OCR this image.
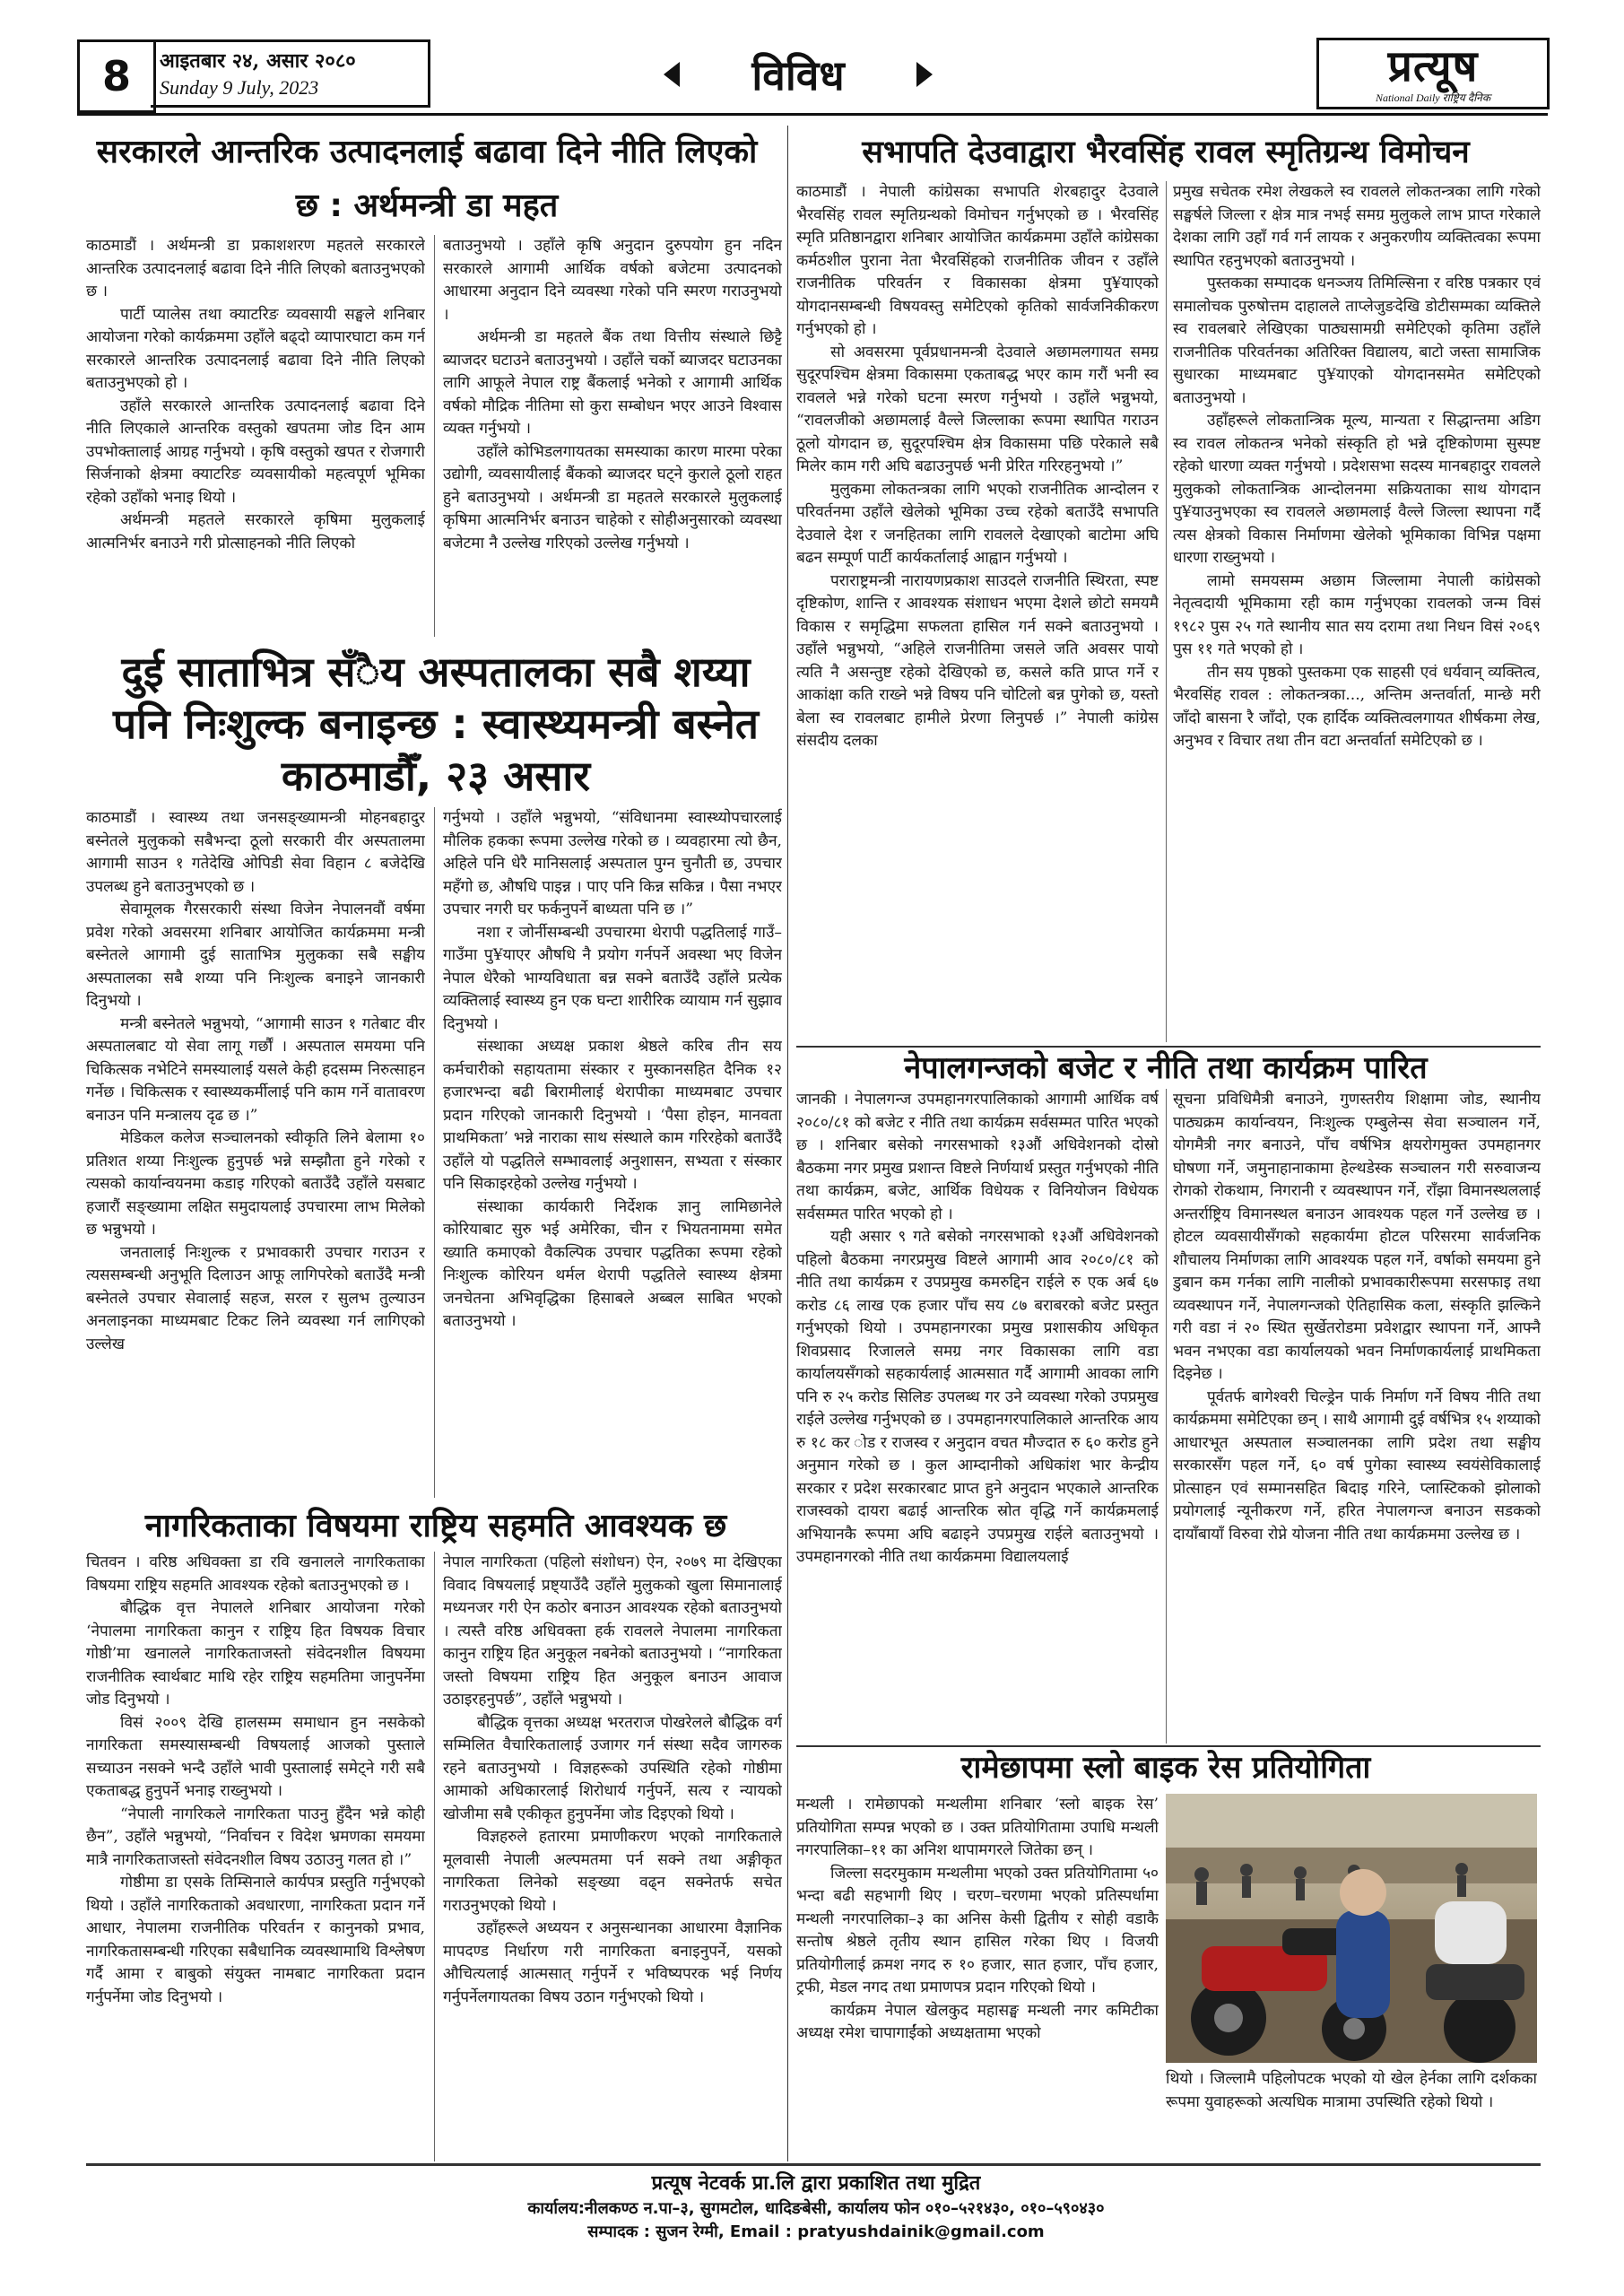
8	आइतबार २४, असार २०८०
Sunday 9 July, 2023	विविध	प्रत्यूष
National Daily राष्ट्रिय दैनिक
सरकारले आन्तरिक उत्पादनलाई बढावा दिने नीति लिएको छ : अर्थमन्त्री डा महत

काठमाडौं । अर्थमन्त्री डा प्रकाशशरण महतले सरकारले आन्तरिक उत्पादनलाई बढावा दिने नीति लिएको बताउनुभएको छ ।

पार्टी प्यालेस तथा क्याटरिङ व्यवसायी सङ्घले शनिबार आयोजना गरेको कार्यक्रममा उहाँले बढ्दो व्यापारघाटा कम गर्न सरकारले आन्तरिक उत्पादनलाई बढावा दिने नीति लिएको बताउनुभएको हो ।

उहाँले सरकारले आन्तरिक उत्पादनलाई बढावा दिने नीति लिएकाले आन्तरिक वस्तुको खपतमा जोड दिन आम उपभोक्तालाई आग्रह गर्नुभयो । कृषि वस्तुको खपत र रोजगारी सिर्जनाको क्षेत्रमा क्याटरिङ व्यवसायीको महत्वपूर्ण भूमिका रहेको उहाँको भनाइ थियो ।

अर्थमन्त्री महतले सरकारले कृषिमा मुलुकलाई आत्मनिर्भर बनाउने गरी प्रोत्साहनको नीति लिएको

बताउनुभयो । उहाँले कृषि अनुदान दुरुपयोग हुन नदिन सरकारले आगामी आर्थिक वर्षको बजेटमा उत्पादनको आधारमा अनुदान दिने व्यवस्था गरेको पनि स्मरण गराउनुभयो ।

अर्थमन्त्री डा महतले बैंक तथा वित्तीय संस्थाले छिट्टै ब्याजदर घटाउने बताउनुभयो । उहाँले चर्को ब्याजदर घटाउनका लागि आफूले नेपाल राष्ट्र बैंकलाई भनेको र आगामी आर्थिक वर्षको मौद्रिक नीतिमा सो कुरा सम्बोधन भएर आउने विश्वास व्यक्त गर्नुभयो ।

उहाँले कोभिडलगायतका समस्याका कारण मारमा परेका उद्योगी, व्यवसायीलाई बैंकको ब्याजदर घट्ने कुराले ठूलो राहत हुने बताउनुभयो । अर्थमन्त्री डा महतले सरकारले मुलुकलाई कृषिमा आत्मनिर्भर बनाउन चाहेको र सोहीअनुसारको व्यवस्था बजेटमा नै उल्लेख गरिएको उल्लेख गर्नुभयो ।

दुई साताभित्र सँैय अस्पतालका सबै शय्या पनि निःशुल्क बनाइन्छ : स्वास्थ्यमन्त्री बस्नेत काठमाडौँ, २३ असार

काठमाडौं । स्वास्थ्य तथा जनसङ्ख्यामन्त्री मोहनबहादुर बस्नेतले मुलुकको सबैभन्दा ठूलो सरकारी वीर अस्पतालमा आगामी साउन १ गतेदेखि ओपिडी सेवा विहान ८ बजेदेखि उपलब्ध हुने बताउनुभएको छ ।

सेवामूलक गैरसरकारी संस्था विजेन नेपालनवौं वर्षमा प्रवेश गरेको अवसरमा शनिबार आयोजित कार्यक्रममा मन्त्री बस्नेतले आगामी दुई साताभित्र मुलुकका सबै सङ्घीय अस्पतालका सबै शय्या पनि निःशुल्क बनाइने जानकारी दिनुभयो ।

मन्त्री बस्नेतले भन्नुभयो, “आगामी साउन १ गतेबाट वीर अस्पतालबाट यो सेवा लागू गर्छौं । अस्पताल समयमा पनि चिकित्सक नभेटिने समस्यालाई यसले केही हदसम्म निरुत्साहन गर्नेछ । चिकित्सक र स्वास्थ्यकर्मीलाई पनि काम गर्ने वातावरण बनाउन पनि मन्त्रालय दृढ छ ।”

मेडिकल कलेज सञ्चालनको स्वीकृति लिने बेलामा १० प्रतिशत शय्या निःशुल्क हुनुपर्छ भन्ने सम्झौता हुने गरेको र त्यसको कार्यान्वयनमा कडाइ गरिएको बताउँदै उहाँले यसबाट हजारौं सङ्ख्यामा लक्षित समुदायलाई उपचारमा लाभ मिलेको छ भन्नुभयो ।

जनतालाई निःशुल्क र प्रभावकारी उपचार गराउन र त्यससम्बन्धी अनुभूति दिलाउन आफू लागिपरेको बताउँदै मन्त्री बस्नेतले उपचार सेवालाई सहज, सरल र सुलभ तुल्याउन अनलाइनका माध्यमबाट टिकट लिने व्यवस्था गर्न लागिएको उल्लेख

गर्नुभयो । उहाँले भन्नुभयो, “संविधानमा स्वास्थ्योपचारलाई मौलिक हकका रूपमा उल्लेख गरेको छ । व्यवहारमा त्यो छैन, अहिले पनि धेरै मानिसलाई अस्पताल पुग्न चुनौती छ, उपचार महँगो छ, औषधि पाइन्न । पाए पनि किन्न सकिन्न । पैसा नभएर उपचार नगरी घर फर्कनुपर्ने बाध्यता पनि छ ।”

नशा र जोर्नीसम्बन्धी उपचारमा थेरापी पद्धतिलाई गाउँ–गाउँमा पु¥याएर औषधि नै प्रयोग गर्नपर्ने अवस्था भए विजेन नेपाल धेरैको भाग्यविधाता बन्न सक्ने बताउँदै उहाँले प्रत्येक व्यक्तिलाई स्वास्थ्य हुन एक घन्टा शारीरिक व्यायाम गर्न सुझाव दिनुभयो ।

संस्थाका अध्यक्ष प्रकाश श्रेष्ठले करिब तीन सय कर्मचारीको सहायतामा संस्कार र मुस्कानसहित दैनिक १२ हजारभन्दा बढी बिरामीलाई थेरापीका माध्यमबाट उपचार प्रदान गरिएको जानकारी दिनुभयो । ‘पैसा होइन, मानवता प्राथमिकता’ भन्ने नाराका साथ संस्थाले काम गरिरहेको बताउँदै उहाँले यो पद्धतिले सम्भावलाई अनुशासन, सभ्यता र संस्कार पनि सिकाइरहेको उल्लेख गर्नुभयो ।

संस्थाका कार्यकारी निर्देशक ज्ञानु लामिछानेले कोरियाबाट सुरु भई अमेरिका, चीन र भियतनाममा समेत ख्याति कमाएको वैकल्पिक उपचार पद्धतिका रूपमा रहेको निःशुल्क कोरियन थर्मल थेरापी पद्धतिले स्वास्थ्य क्षेत्रमा जनचेतना अभिवृद्धिका हिसाबले अब्बल साबित भएको बताउनुभयो ।

नागरिकताका विषयमा राष्ट्रिय सहमति आवश्यक छ

चितवन । वरिष्ठ अधिवक्ता डा रवि खनालले नागरिकताका विषयमा राष्ट्रिय सहमति आवश्यक रहेको बताउनुभएको छ ।

बौद्धिक वृत्त नेपालले शनिबार आयोजना गरेको ‘नेपालमा नागरिकता कानुन र राष्ट्रिय हित विषयक विचार गोष्ठी’मा खनालले नागरिकताजस्तो संवेदनशील विषयमा राजनीतिक स्वार्थबाट माथि रहेर राष्ट्रिय सहमतिमा जानुपर्नेमा जोड दिनुभयो ।

विसं २००९ देखि हालसम्म समाधान हुन नसकेको नागरिकता समस्यासम्बन्धी विषयलाई आजको पुस्ताले सच्याउन नसक्ने भन्दै उहाँले भावी पुस्तालाई समेट्ने गरी सबै एकताबद्ध हुनुपर्ने भनाइ राख्नुभयो ।

“नेपाली नागरिकले नागरिकता पाउनु हुँदैन भन्ने कोही छैन”, उहाँले भन्नुभयो, “निर्वाचन र विदेश भ्रमणका समयमा मात्रै नागरिकताजस्तो संवेदनशील विषय उठाउनु गलत हो ।”

गोष्ठीमा डा एसके तिम्सिनाले कार्यपत्र प्रस्तुति गर्नुभएको थियो । उहाँले नागरिकताको अवधारणा, नागरिकता प्रदान गर्ने आधार, नेपालमा राजनीतिक परिवर्तन र कानुनको प्रभाव, नागरिकतासम्बन्धी गरिएका सबैधानिक व्यवस्थामाथि विश्लेषण गर्दै आमा र बाबुको संयुक्त नामबाट नागरिकता प्रदान गर्नुपर्नेमा जोड दिनुभयो ।

नेपाल नागरिकता (पहिलो संशोधन) ऐन, २०७९ मा देखिएका विवाद विषयलाई प्रष्ट्याउँदै उहाँले मुलुकको खुला सिमानालाई मध्यनजर गरी ऐन कठोर बनाउन आवश्यक रहेको बताउनुभयो । त्यस्तै वरिष्ठ अधिवक्ता हर्क रावलले नेपालमा नागरिकता कानुन राष्ट्रिय हित अनुकूल नबनेको बताउनुभयो । “नागरिकता जस्तो विषयमा राष्ट्रिय हित अनुकूल बनाउन आवाज उठाइरहनुपर्छ”, उहाँले भन्नुभयो ।

बौद्धिक वृत्तका अध्यक्ष भरतराज पोखरेलले बौद्धिक वर्ग सम्मिलित वैचारिकतालाई उजागर गर्न संस्था सदैव जागरुक रहने बताउनुभयो । विज्ञहरूको उपस्थिति रहेको गोष्ठीमा आमाको अधिकारलाई शिरोधार्य गर्नुपर्ने, सत्य र न्यायको खोजीमा सबै एकीकृत हुनुपर्नेमा जोड दिइएको थियो ।

विज्ञहरुले हतारमा प्रमाणीकरण भएको नागरिकताले मूलवासी नेपाली अल्पमतमा पर्न सक्ने तथा अङ्गीकृत नागरिकता लिनेको सङ्ख्या वढ्न सक्नेतर्फ सचेत गराउनुभएको थियो ।

उहाँहरूले अध्ययन र अनुसन्धानका आधारमा वैज्ञानिक मापदण्ड निर्धारण गरी नागरिकता बनाइनुपर्ने, यसको औचित्यलाई आत्मसात् गर्नुपर्ने र भविष्यपरक भई निर्णय गर्नुपर्नेलगायतका विषय उठान गर्नुभएको थियो ।

सभापति देउवाद्वारा भैरवसिंह रावल स्मृतिग्रन्थ विमोचन

काठमाडौं । नेपाली कांग्रेसका सभापति शेरबहादुर देउवाले भैरवसिंह रावल स्मृतिग्रन्थको विमोचन गर्नुभएको छ । भैरवसिंह स्मृति प्रतिष्ठानद्वारा शनिबार आयोजित कार्यक्रममा उहाँले कांग्रेसका कर्मठशील पुराना नेता भैरवसिंहको राजनीतिक जीवन र उहाँले राजनीतिक परिवर्तन र विकासका क्षेत्रमा पु¥याएको योगदानसम्बन्धी विषयवस्तु समेटिएको कृतिको सार्वजनिकीकरण गर्नुभएको हो ।

सो अवसरमा पूर्वप्रधानमन्त्री देउवाले अछामलगायत समग्र सुदूरपश्चिम क्षेत्रमा विकासमा एकताबद्ध भएर काम गरौं भनी स्व रावलले भन्ने गरेको घटना स्मरण गर्नुभयो । उहाँले भन्नुभयो, “रावलजीको अछामलाई वैल्ले जिल्लाका रूपमा स्थापित गराउन ठूलो योगदान छ, सुदूरपश्चिम क्षेत्र विकासमा पछि परेकाले सबै मिलेर काम गरी अघि बढाउनुपर्छ भनी प्रेरित गरिरहनुभयो ।”

मुलुकमा लोकतन्त्रका लागि भएको राजनीतिक आन्दोलन र परिवर्तनमा उहाँले खेलेको भूमिका उच्च रहेको बताउँदै सभापति देउवाले देश र जनहितका लागि रावलले देखाएको बाटोमा अघि बढन सम्पूर्ण पार्टी कार्यकर्तालाई आह्वान गर्नुभयो ।

पराराष्ट्रमन्त्री नारायणप्रकाश साउदले राजनीति स्थिरता, स्पष्ट दृष्टिकोण, शान्ति र आवश्यक संशाधन भएमा देशले छोटो समयमै विकास र समृद्धिमा सफलता हासिल गर्न सक्ने बताउनुभयो । उहाँले भन्नुभयो, “अहिले राजनीतिमा जसले जति अवसर पायो त्यति नै असन्तुष्ट रहेको देखिएको छ, कसले कति प्राप्त गर्ने र आकांक्षा कति राख्ने भन्ने विषय पनि चोटिलो बन्न पुगेको छ, यस्तो बेला स्व रावलबाट हामीले प्रेरणा लिनुपर्छ ।” नेपाली कांग्रेस संसदीय दलका

प्रमुख सचेतक रमेश लेखकले स्व रावलले लोकतन्त्रका लागि गरेको सङ्घर्षले जिल्ला र क्षेत्र मात्र नभई समग्र मुलुकले लाभ प्राप्त गरेकाले देशका लागि उहाँ गर्व गर्न लायक र अनुकरणीय व्यक्तित्वका रूपमा स्थापित रहनुभएको बताउनुभयो ।

पुस्तकका सम्पादक धनञ्जय तिमिल्सिना र वरिष्ठ पत्रकार एवं समालोचक पुरुषोत्तम दाहालले ताप्लेजुङदेखि डोटीसम्मका व्यक्तिले स्व रावलबारे लेखिएका पाठ्यसामग्री समेटिएको कृतिमा उहाँले राजनीतिक परिवर्तनका अतिरिक्त विद्यालय, बाटो जस्ता सामाजिक सुधारका माध्यमबाट पु¥याएको योगदानसमेत समेटिएको बताउनुभयो ।

उहाँहरूले लोकतान्त्रिक मूल्य, मान्यता र सिद्धान्तमा अडिग स्व रावल लोकतन्त्र भनेको संस्कृति हो भन्ने दृष्टिकोणमा सुस्पष्ट रहेको धारणा व्यक्त गर्नुभयो । प्रदेशसभा सदस्य मानबहादुर रावलले मुलुकको लोकतान्त्रिक आन्दोलनमा सक्रियताका साथ योगदान पु¥याउनुभएका स्व रावलले अछामलाई वैल्ले जिल्ला स्थापना गर्दै त्यस क्षेत्रको विकास निर्माणमा खेलेको भूमिकाका विभिन्न पक्षमा धारणा राख्नुभयो ।

लामो समयसम्म अछाम जिल्लामा नेपाली कांग्रेसको नेतृत्वदायी भूमिकामा रही काम गर्नुभएका रावलको जन्म विसं १९८२ पुस २५ गते स्थानीय सात सय दरामा तथा निधन विसं २०६९ पुस ११ गते भएको हो ।

तीन सय पृष्ठको पुस्तकमा एक साहसी एवं धर्यवान् व्यक्तित्व, भैरवसिंह रावल : लोकतन्त्रका..., अन्तिम अन्तर्वार्ता, मान्छे मरी जाँदो बासना रै जाँदो, एक हार्दिक व्यक्तित्वलगायत शीर्षकमा लेख, अनुभव र विचार तथा तीन वटा अन्तर्वार्ता समेटिएको छ ।

नेपालगन्जको बजेट र नीति तथा कार्यक्रम पारित

जानकी । नेपालगन्ज उपमहानगरपालिकाको आगामी आर्थिक वर्ष २०८०/८१ को बजेट र नीति तथा कार्यक्रम सर्वसम्मत पारित भएको छ । शनिबार बसेको नगरसभाको १३औं अधिवेशनको दोस्रो बैठकमा नगर प्रमुख प्रशान्त विष्टले निर्णयार्थ प्रस्तुत गर्नुभएको नीति तथा कार्यक्रम, बजेट, आर्थिक विधेयक र विनियोजन विधेयक सर्वसम्मत पारित भएको हो ।

यही असार ९ गते बसेको नगरसभाको १३औं अधिवेशनको पहिलो बैठकमा नगरप्रमुख विष्टले आगामी आव २०८०/८१ को नीति तथा कार्यक्रम र उपप्रमुख कमरुद्दिन राईले रु एक अर्ब ६७ करोड ८६ लाख एक हजार पाँच सय ८७ बराबरको बजेट प्रस्तुत गर्नुभएको थियो । उपमहानगरका प्रमुख प्रशासकीय अधिकृत शिवप्रसाद रिजालले समग्र नगर विकासका लागि वडा कार्यालयसँगको सहकार्यलाई आत्मसात गर्दै आगामी आवका लागि पनि रु २५ करोड सिलिङ उपलब्ध गर उने व्यवस्था गरेको उपप्रमुख राईले उल्लेख गर्नुभएको छ । उपमहानगरपालिकाले आन्तरिक आय रु १८ कर ोड र राजस्व र अनुदान वचत मौज्दात रु ६० करोड हुने अनुमान गरेको छ । कुल आम्दानीको अधिकांश भार केन्द्रीय सरकार र प्रदेश सरकारबाट प्राप्त हुने अनुदान भएकाले आन्तरिक राजस्वको दायरा बढाई आन्तरिक स्रोत वृद्धि गर्ने कार्यक्रमलाई अभियानकै रूपमा अघि बढाइने उपप्रमुख राईले बताउनुभयो । उपमहानगरको नीति तथा कार्यक्रममा विद्यालयलाई

सूचना प्रविधिमैत्री बनाउने, गुणस्तरीय शिक्षामा जोड, स्थानीय पाठ्यक्रम कार्यान्वयन, निःशुल्क एम्बुलेन्स सेवा सञ्चालन गर्ने, योगमैत्री नगर बनाउने, पाँच वर्षभित्र क्षयरोगमुक्त उपमहानगर घोषणा गर्ने, जमुनाहानाकामा हेल्थडेस्क सञ्चालन गरी सरुवाजन्य रोगको रोकथाम, निगरानी र व्यवस्थापन गर्ने, राँझा विमानस्थललाई अन्तर्राष्ट्रिय विमानस्थल बनाउन आवश्यक पहल गर्ने उल्लेख छ । होटल व्यवसायीसँगको सहकार्यमा होटल परिसरमा सार्वजनिक शौचालय निर्माणका लागि आवश्यक पहल गर्ने, वर्षाको समयमा हुने डुबान कम गर्नका लागि नालीको प्रभावकारीरूपमा सरसफाइ तथा व्यवस्थापन गर्ने, नेपालगन्जको ऐतिहासिक कला, संस्कृति झल्किने गरी वडा नं २० स्थित सुर्खेतरोडमा प्रवेशद्वार स्थापना गर्ने, आफ्नै भवन नभएका वडा कार्यालयको भवन निर्माणकार्यलाई प्राथमिकता दिइनेछ ।

पूर्वतर्फ बागेश्वरी चिल्ड्रेन पार्क निर्माण गर्ने विषय नीति तथा कार्यक्रममा समेटिएका छन् । साथै आगामी दुई वर्षभित्र १५ शय्याको आधारभूत अस्पताल सञ्चालनका लागि प्रदेश तथा सङ्घीय सरकारसँग पहल गर्ने, ६० वर्ष पुगेका स्वास्थ्य स्वयंसेविकालाई प्रोत्साहन एवं सम्मानसहित बिदाइ गरिने, प्लास्टिकको झोलाको प्रयोगलाई न्यूनीकरण गर्ने, हरित नेपालगन्ज बनाउन सडकको दायाँबायाँ विरुवा रोप्ने योजना नीति तथा कार्यक्रममा उल्लेख छ ।

रामेछापमा स्लो बाइक रेस प्रतियोगिता

मन्थली । रामेछापको मन्थलीमा शनिबार ‘स्लो बाइक रेस’ प्रतियोगिता सम्पन्न भएको छ । उक्त प्रतियोगितामा उपाधि मन्थली नगरपालिका–११ का अनिश थापामगरले जितेका छन् ।

जिल्ला सदरमुकाम मन्थलीमा भएको उक्त प्रतियोगितामा ५० भन्दा बढी सहभागी थिए । चरण–चरणमा भएको प्रतिस्पर्धामा मन्थली नगरपालिका–३ का अनिस केसी द्वितीय र सोही वडाकै सन्तोष श्रेष्ठले तृतीय स्थान हासिल गरेका थिए । विजयी प्रतियोगीलाई क्रमश नगद रु १० हजार, सात हजार, पाँच हजार, ट्रफी, मेडल नगद तथा प्रमाणपत्र प्रदान गरिएको थियो ।

कार्यक्रम नेपाल खेलकुद महासङ्घ मन्थली नगर कमिटीका अध्यक्ष रमेश चापागाईंको अध्यक्षतामा भएको

थियो । जिल्लामै पहिलोपटक भएको यो खेल हेर्नका लागि दर्शकका रूपमा युवाहरूको अत्यधिक मात्रामा उपस्थिति रहेको थियो ।

प्रत्यूष नेटवर्क प्रा.लि द्वारा प्रकाशित तथा मुद्रित
कार्यालय:नीलकण्ठ न.पा–३, सुगमटोल, धादिङबेसी, कार्यालय फोन ०१०–५२१४३०, ०१०–५९०४३०
सम्पादक : सुजन रेग्मी, Email : pratyushdainik@gmail.com
